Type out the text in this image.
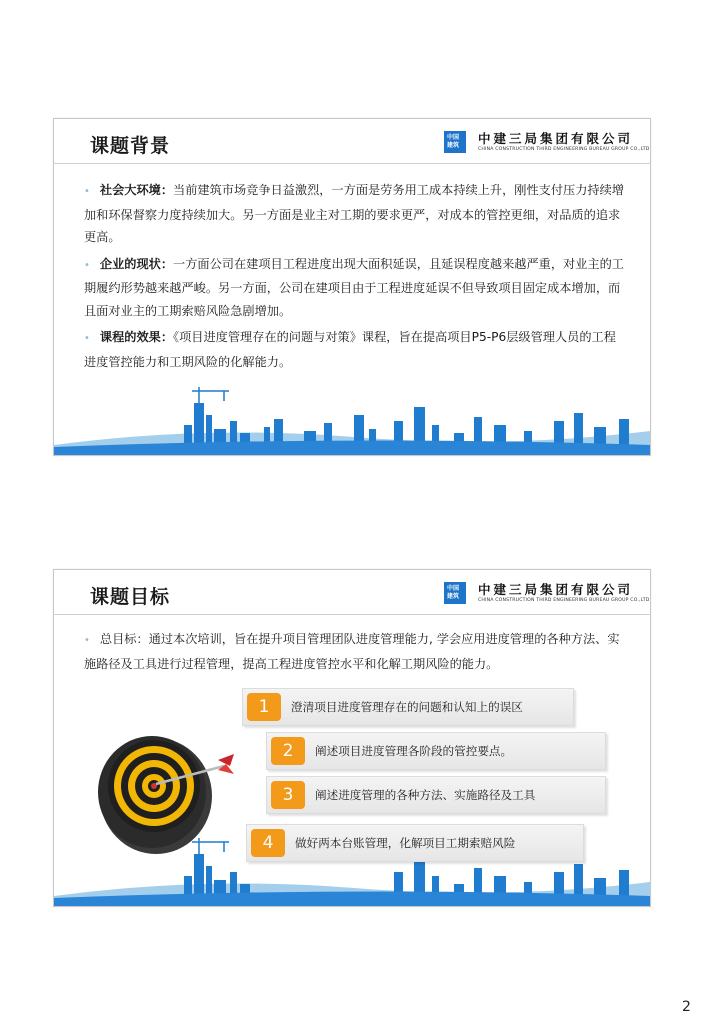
课题背景	中国
建筑 中建三局集团有限公司
CHINA CONSTRUCTION THIRD ENGINEERING BUREAU GROUP CO.,LTD

• 社会大环境：当前建筑市场竞争日益激烈，一方面是劳务用工成本持续上升，刚性支付压力持续增加和环保督察力度持续加大。另一方面是业主对工期的要求更严，对成本的管控更细，对品质的追求更高。

• 企业的现状：一方面公司在建项目工程进度出现大面积延误，且延误程度越来越严重，对业主的工期履约形势越来越严峻。另一方面，公司在建项目由于工程进度延误不但导致项目固定成本增加，而且面对业主的工期索赔风险急剧增加。

• 课程的效果：《项目进度管理存在的问题与对策》课程，旨在提高项目P5-P6层级管理人员的工程进度管控能力和工期风险的化解能力。

课题目标	中国
建筑 中建三局集团有限公司
CHINA CONSTRUCTION THIRD ENGINEERING BUREAU GROUP CO.,LTD

• 总目标：通过本次培训，旨在提升项目管理团队进度管理能力, 学会应用进度管理的各种方法、实施路径及工具进行过程管理，提高工程进度管控水平和化解工期风险的能力。

1	澄清项目进度管理存在的问题和认知上的误区
2	阐述项目进度管理各阶段的管控要点。
3	阐述进度管理的各种方法、实施路径及工具
4	做好两本台账管理，化解项目工期索赔风险
2
